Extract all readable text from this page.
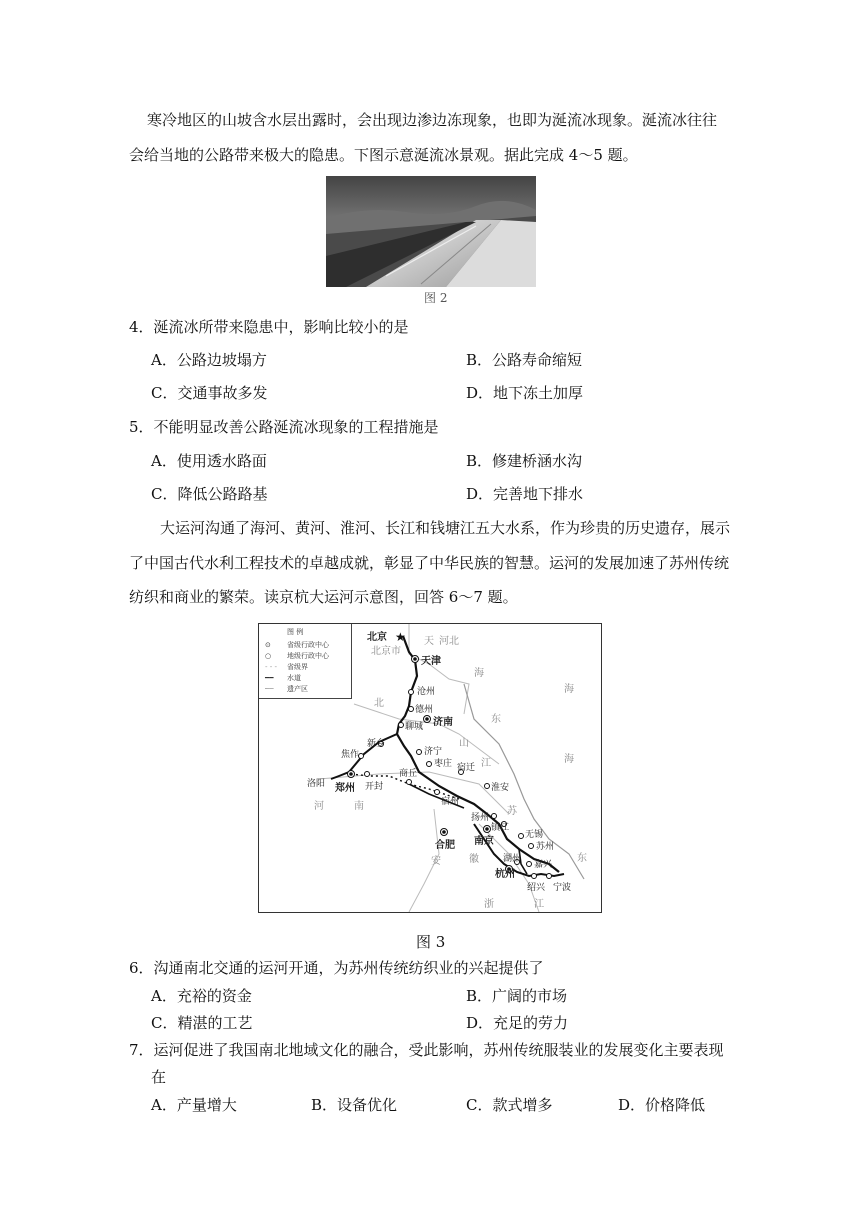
寒冷地区的山坡含水层出露时，会出现边渗边冻现象，也即为涎流冰现象。涎流冰往往
会给当地的公路带来极大的隐患。下图示意涎流冰景观。据此完成 4～5 题。
图 2
4．涎流冰所带来隐患中，影响比较小的是
A．公路边坡塌方	B．公路寿命缩短
C．交通事故多发	D．地下冻土加厚
5．不能明显改善公路涎流冰现象的工程措施是
A．使用透水路面	B．修建桥涵水沟
C．降低公路路基	D．完善地下排水
大运河沟通了海河、黄河、淮河、长江和钱塘江五大水系，作为珍贵的历史遗存，展示
了中国古代水利工程技术的卓越成就，彰显了中华民族的智慧。运河的发展加速了苏州传统
纺织和商业的繁荣。读京杭大运河示意图，回答 6～7 题。
★
图 例
⊙ 省级行政中心
○ 地级行政中心
- - - 省级界
━━ 水道
┈┈ 遗产区
北京市
天 河北
北
山
东
海
河	南
江
苏
安	徽
浙	江
东
海
海
北京
天津
济南
南京
合肥
杭州
郑州
沧州
德州
聊城
新乡
焦作
洛阳	开封
商丘
济宁
枣庄 宿迁
淮安
宿州
扬州
镇江
无锡
苏州
嘉兴
湖州
绍兴 宁波
图 3
6．沟通南北交通的运河开通，为苏州传统纺织业的兴起提供了
A．充裕的资金	B．广阔的市场
C．精湛的工艺	D．充足的劳力
7．运河促进了我国南北地域文化的融合，受此影响，苏州传统服装业的发展变化主要表现
在
A．产量增大	B．设备优化	C．款式增多	D．价格降低
